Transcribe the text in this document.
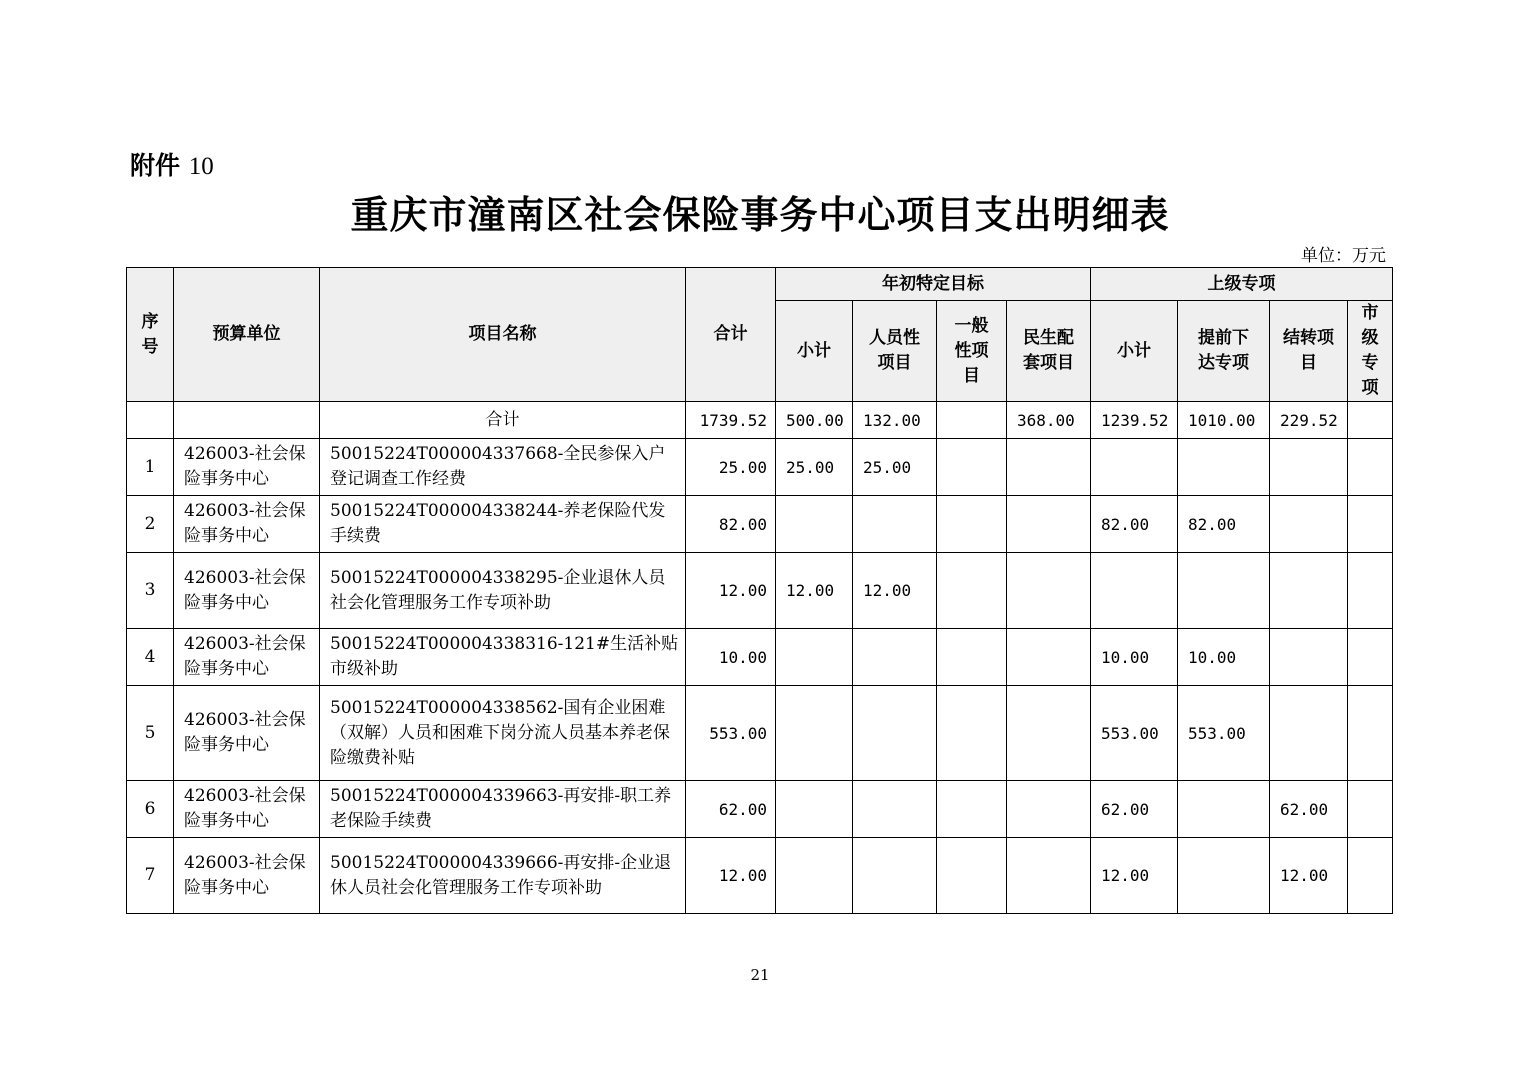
附件 10
重庆市潼南区社会保险事务中心项目支出明细表
单位：万元
序号	预算单位	项目名称	合计	年初特定目标				上级专项			
				小计	人员性项目	一般性项目	民生配套项目	小计	提前下达专项	结转项目	市级专项

		合计	1739.52	500.00	132.00		368.00	1239.52	1010.00	229.52	
1	426003-社会保险事务中心	50015224T000004337668-全民参保入户登记调查工作经费	25.00	25.00	25.00						
2	426003-社会保险事务中心	50015224T000004338244-养老保险代发手续费	82.00					82.00	82.00		
3	426003-社会保险事务中心	50015224T000004338295-企业退休人员社会化管理服务工作专项补助	12.00	12.00	12.00						
4	426003-社会保险事务中心	50015224T000004338316-121#生活补贴市级补助	10.00					10.00	10.00		
5	426003-社会保险事务中心	50015224T000004338562-国有企业困难（双解）人员和困难下岗分流人员基本养老保险缴费补贴	553.00					553.00	553.00		
6	426003-社会保险事务中心	50015224T000004339663-再安排-职工养老保险手续费	62.00					62.00		62.00	
7	426003-社会保险事务中心	50015224T000004339666-再安排-企业退休人员社会化管理服务工作专项补助	12.00					12.00		12.00	
21
